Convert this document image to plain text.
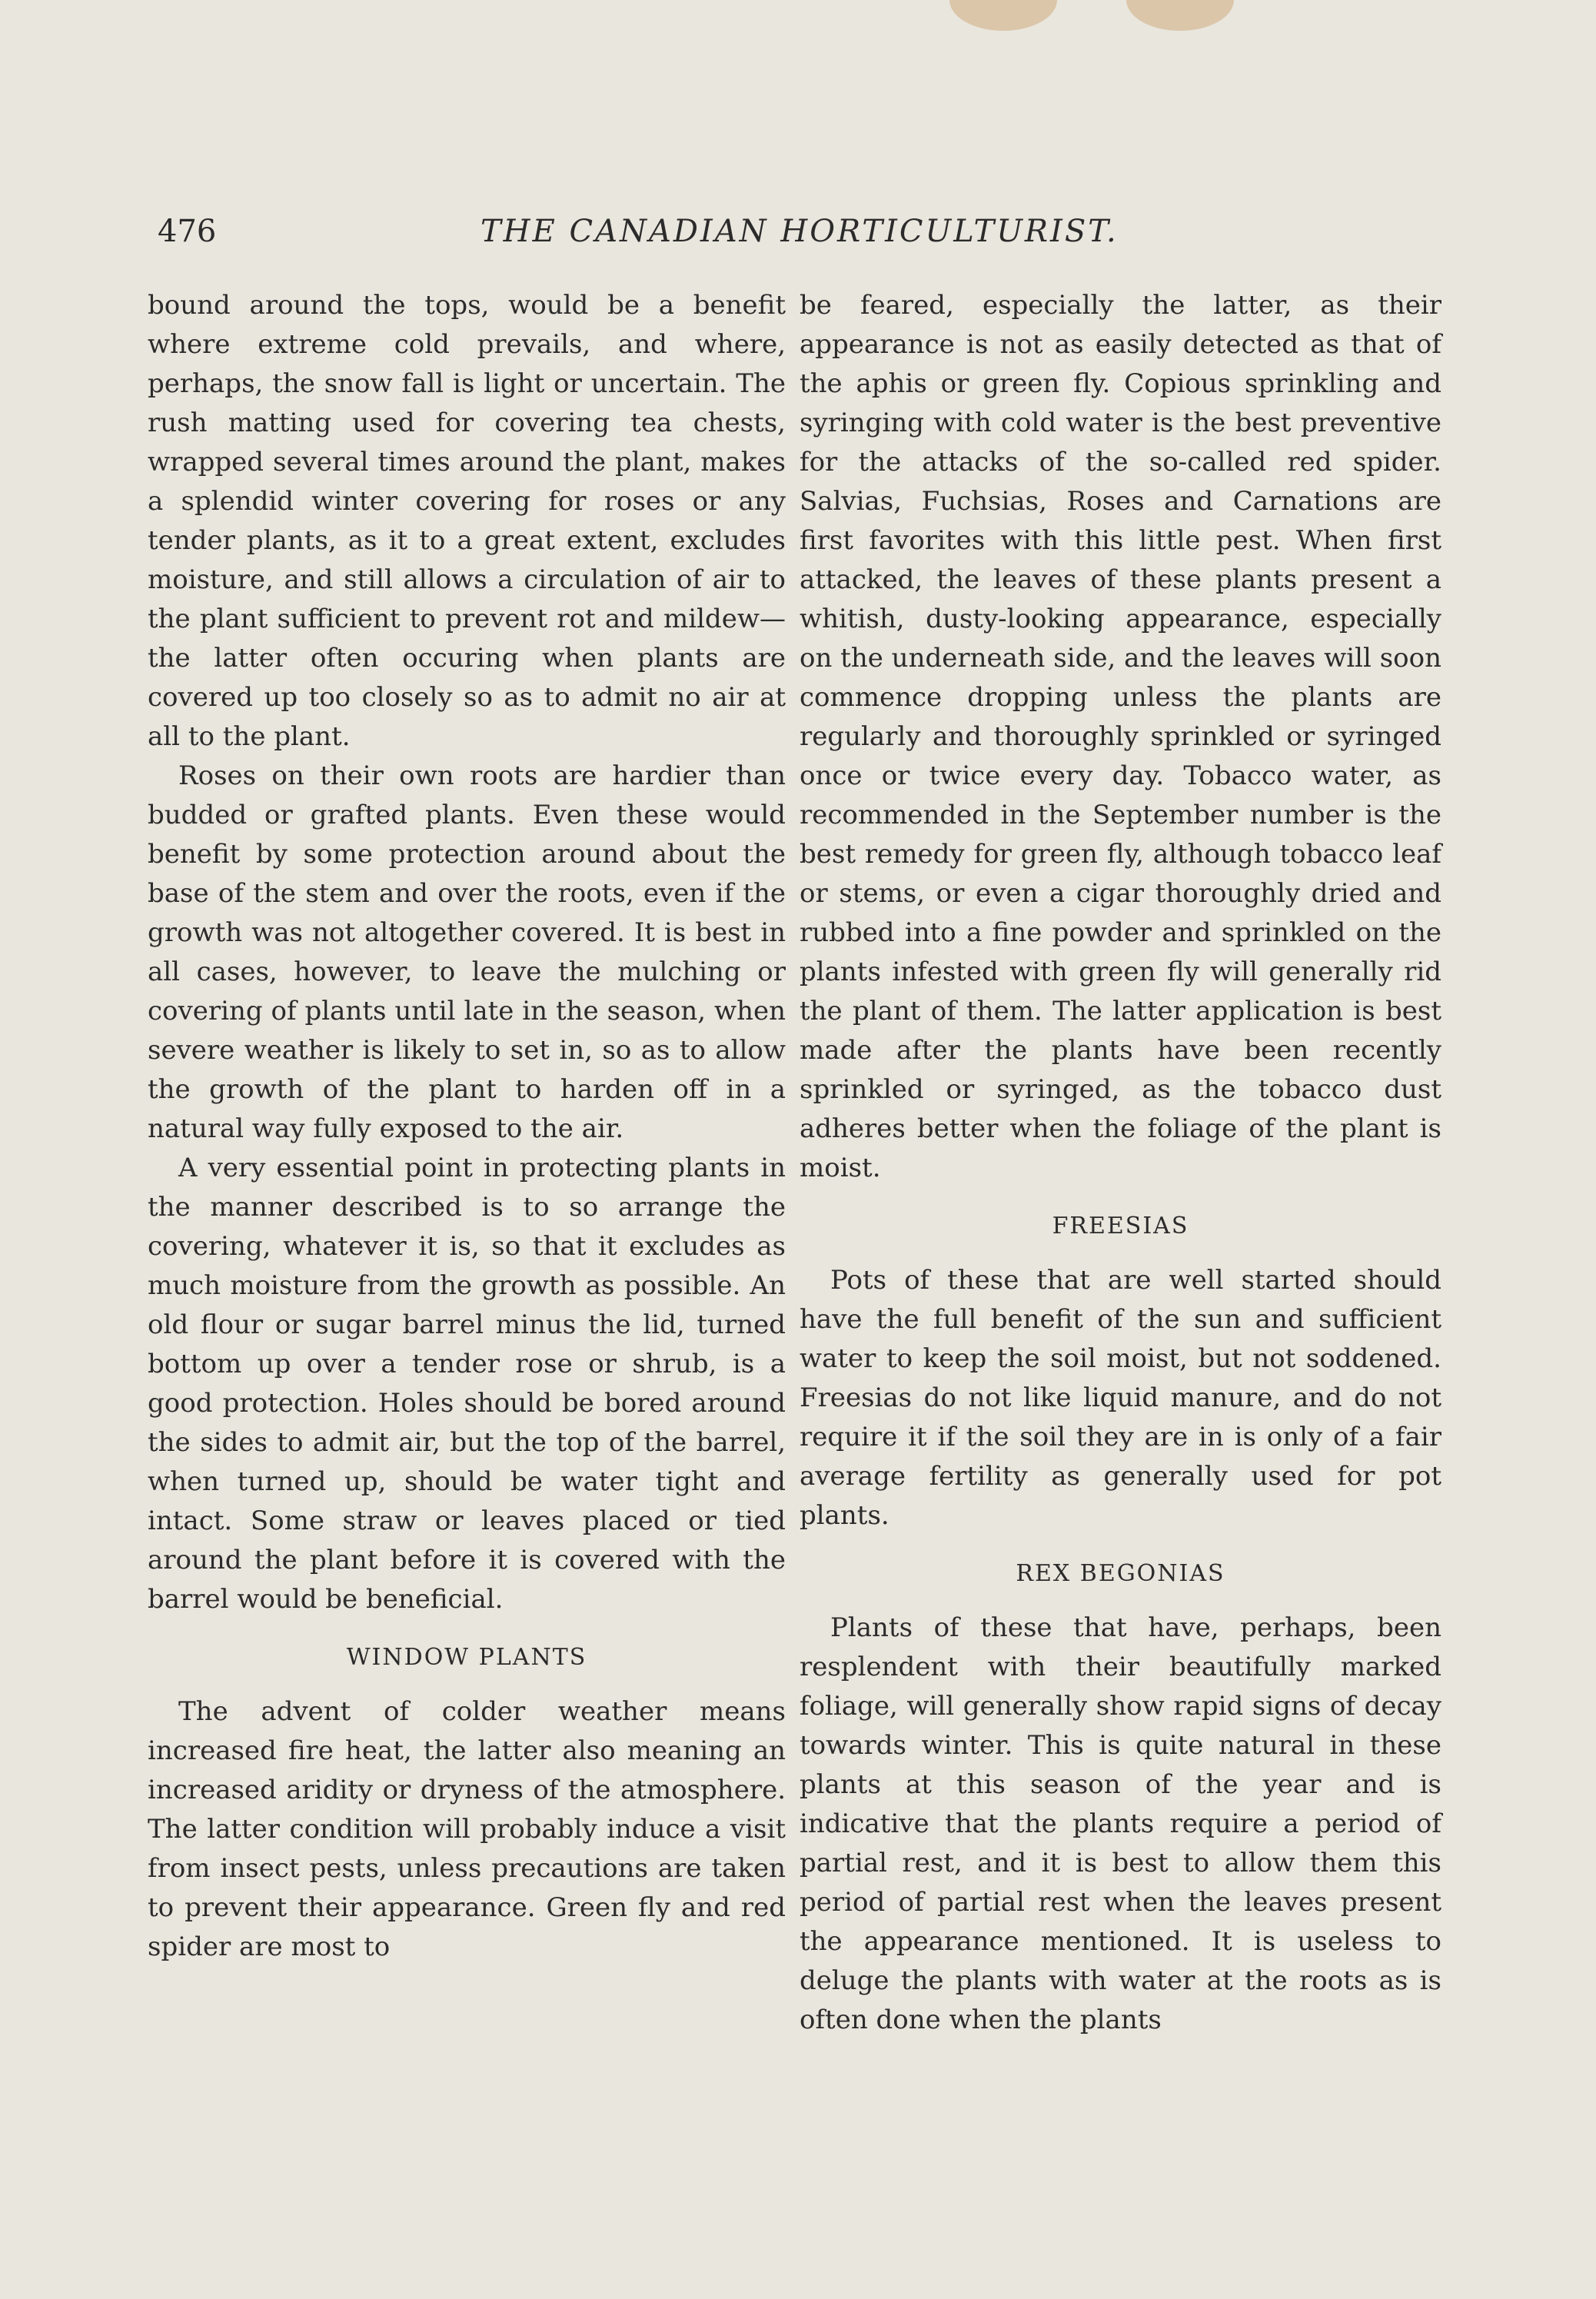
476	THE CANADIAN HORTICULTURIST.

bound around the tops, would be a benefit where extreme cold prevails, and where, perhaps, the snow fall is light or uncertain. The rush matting used for covering tea chests, wrapped several times around the plant, makes a splendid winter covering for roses or any tender plants, as it to a great extent, excludes moisture, and still allows a circulation of air to the plant sufficient to prevent rot and mildew—the latter often occuring when plants are covered up too closely so as to admit no air at all to the plant.

Roses on their own roots are hardier than budded or grafted plants. Even these would benefit by some protection around about the base of the stem and over the roots, even if the growth was not altogether covered. It is best in all cases, however, to leave the mulching or covering of plants until late in the season, when severe weather is likely to set in, so as to allow the growth of the plant to harden off in a natural way fully exposed to the air.

A very essential point in protecting plants in the manner described is to so arrange the covering, whatever it is, so that it excludes as much moisture from the growth as possible. An old flour or sugar barrel minus the lid, turned bottom up over a tender rose or shrub, is a good protection. Holes should be bored around the sides to admit air, but the top of the barrel, when turned up, should be water tight and intact. Some straw or leaves placed or tied around the plant before it is covered with the barrel would be beneficial.

WINDOW PLANTS

The advent of colder weather means increased fire heat, the latter also meaning an increased aridity or dryness of the atmosphere. The latter condition will probably induce a visit from insect pests, unless precautions are taken to prevent their appearance. Green fly and red spider are most to

be feared, especially the latter, as their appearance is not as easily detected as that of the aphis or green fly. Copious sprinkling and syringing with cold water is the best preventive for the attacks of the so-called red spider. Salvias, Fuchsias, Roses and Carnations are first favorites with this little pest. When first attacked, the leaves of these plants present a whitish, dusty-looking appearance, especially on the underneath side, and the leaves will soon commence dropping unless the plants are regularly and thoroughly sprinkled or syringed once or twice every day. Tobacco water, as recommended in the September number is the best remedy for green fly, although tobacco leaf or stems, or even a cigar thoroughly dried and rubbed into a fine powder and sprinkled on the plants infested with green fly will generally rid the plant of them. The latter application is best made after the plants have been recently sprinkled or syringed, as the tobacco dust adheres better when the foliage of the plant is moist.

FREESIAS

Pots of these that are well started should have the full benefit of the sun and sufficient water to keep the soil moist, but not soddened. Freesias do not like liquid manure, and do not require it if the soil they are in is only of a fair average fertility as generally used for pot plants.

REX BEGONIAS

Plants of these that have, perhaps, been resplendent with their beautifully marked foliage, will generally show rapid signs of decay towards winter. This is quite natural in these plants at this season of the year and is indicative that the plants require a period of partial rest, and it is best to allow them this period of partial rest when the leaves present the appearance mentioned. It is useless to deluge the plants with water at the roots as is often done when the plants
